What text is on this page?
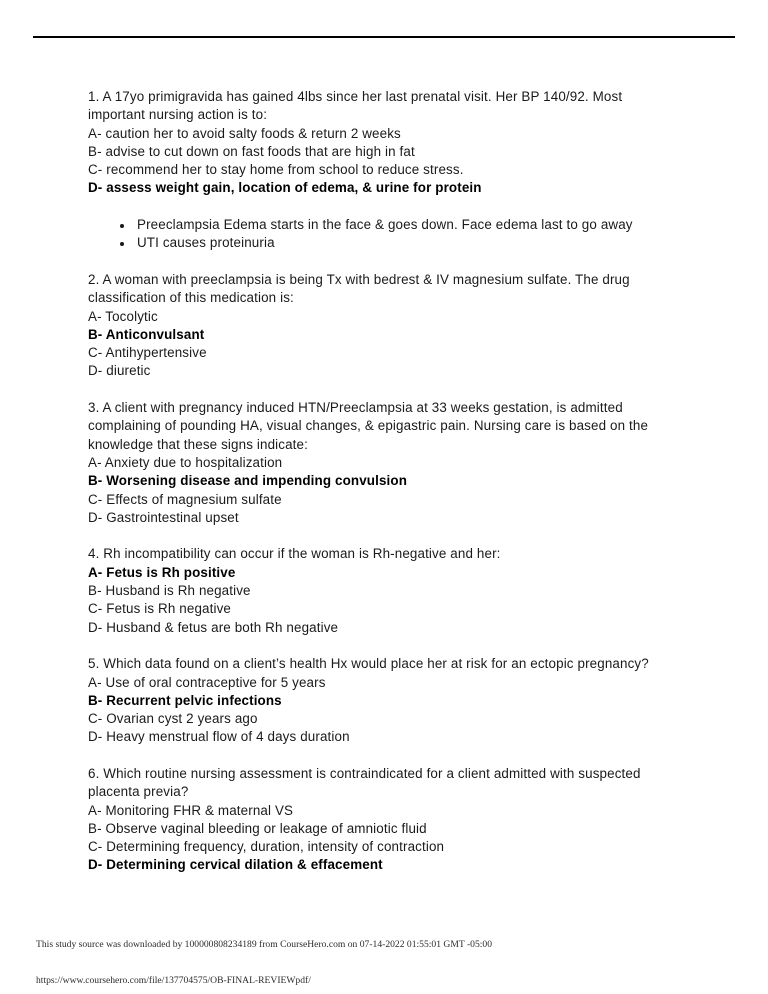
1. A 17yo primigravida has gained 4lbs since her last prenatal visit. Her BP 140/92. Most important nursing action is to:

A- caution her to avoid salty foods & return 2 weeks

B- advise to cut down on fast foods that are high in fat

C- recommend her to stay home from school to reduce stress.

D- assess weight gain, location of edema, & urine for protein

Preeclampsia Edema starts in the face & goes down. Face edema last to go away
UTI causes proteinuria

2. A woman with preeclampsia is being Tx with bedrest & IV magnesium sulfate. The drug classification of this medication is:

A- Tocolytic

B- Anticonvulsant

C- Antihypertensive

D- diuretic

3. A client with pregnancy induced HTN/Preeclampsia at 33 weeks gestation, is admitted complaining of pounding HA, visual changes, & epigastric pain. Nursing care is based on the knowledge that these signs indicate:

A- Anxiety due to hospitalization

B- Worsening disease and impending convulsion

C- Effects of magnesium sulfate

D- Gastrointestinal upset

4. Rh incompatibility can occur if the woman is Rh-negative and her:

A- Fetus is Rh positive

B- Husband is Rh negative

C- Fetus is Rh negative

D- Husband & fetus are both Rh negative

5. Which data found on a client’s health Hx would place her at risk for an ectopic pregnancy?

A- Use of oral contraceptive for 5 years

B- Recurrent pelvic infections

C- Ovarian cyst 2 years ago

D- Heavy menstrual flow of 4 days duration

6. Which routine nursing assessment is contraindicated for a client admitted with suspected placenta previa?

A- Monitoring FHR & maternal VS

B- Observe vaginal bleeding or leakage of amniotic fluid

C- Determining frequency, duration, intensity of contraction

D- Determining cervical dilation & effacement

This study source was downloaded by 100000808234189 from CourseHero.com on 07-14-2022 01:55:01 GMT -05:00
https://www.coursehero.com/file/137704575/OB-FINAL-REVIEWpdf/
